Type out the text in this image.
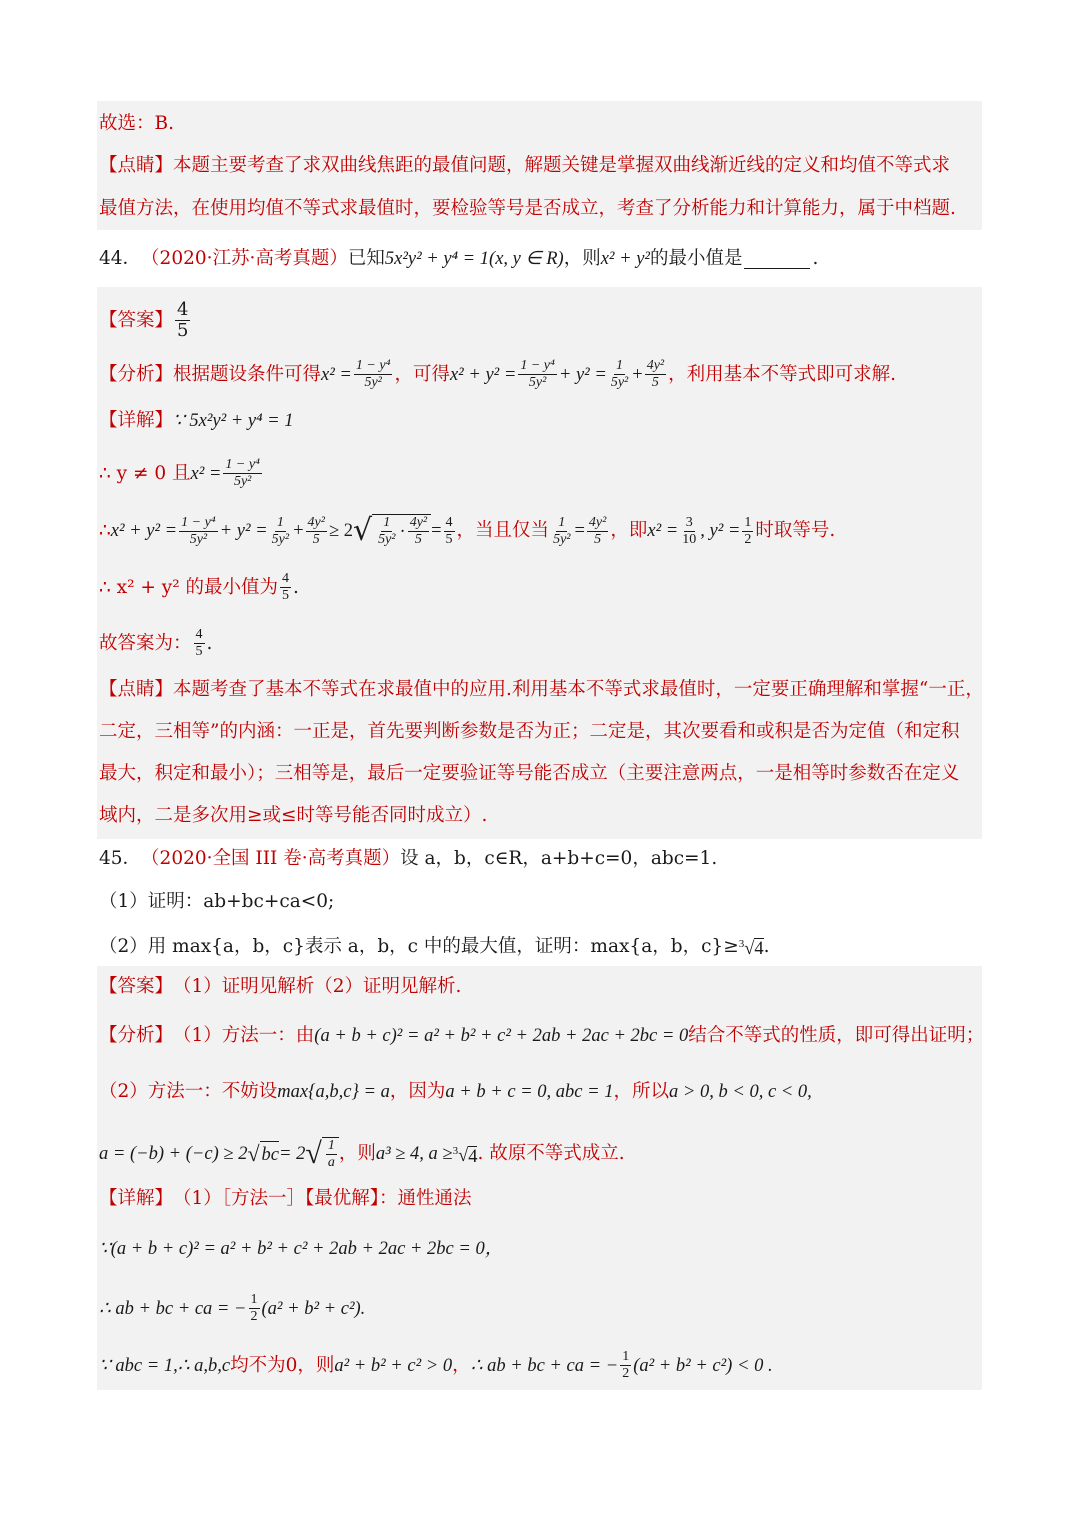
故选：B.
【点睛】 本题主要考查了求双曲线焦距的最值问题，解题关键是掌握双曲线渐近线的定义和均值不等式求
最值方法，在使用均值不等式求最值时，要检验等号是否成立，考查了分析能力和计算能力，属于中档题.
44． （2020·江苏·高考真题） 已知 5x²y² + y⁴ = 1(x, y ∈ R) ，则 x² + y² 的最小值是	.
【答案】 $\frac{4}{5}$
【分析】 根据题设条件可得 $x^2 = \frac{\text{1 − y⁴}}{\text{5y²}}$ ，可得 $x^2 + y^2 = \frac{\text{1 − y⁴}}{\text{5y²}} + y^2 = \frac{1}{\text{5y²}} + \frac{\text{4y²}}{5}$ ，利用基本不等式即可求解.
【详解】 ∵ 5x²y² + y⁴ = 1
∴ y ≠ 0 且 $x^2 = \frac{\text{1 − y⁴}}{\text{5y²}}$
∴ $x^2 + y^2 = \frac{\text{1 − y⁴}}{\text{5y²}} + y^2 = \frac{1}{\text{5y²}} + \frac{\text{4y²}}{5} \ge 2$ √ $\frac{1}{\text{5y²}} \cdot \frac{\text{4y²}}{5} = \frac{4}{5}$ ，当且仅当 $\frac{1}{\text{5y²}} = \frac{\text{4y²}}{5}$ ，即 $x^2 = \frac{3}{10}$ , $y^2 = \frac{1}{2}$ 时取等号.
∴ x² + y² 的最小值为 $\frac{4}{5}$ .
故答案为： $\frac{4}{5}$ .
【点睛】 本题考查了基本不等式在求最值中的应用.利用基本不等式求最值时，一定要正确理解和掌握“一正，
二定，三相等”的内涵：一正是，首先要判断参数是否为正；二定是，其次要看和或积是否为定值（和定积
最大，积定和最小）；三相等是，最后一定要验证等号能否成立（主要注意两点，一是相等时参数否在定义
域内，二是多次用≥或≤时等号能否同时成立）.
45． （2020·全国 III 卷·高考真题） 设 a，b，c∈R，a+b+c=0，abc=1.
（1）证明：ab+bc+ca<0;
（2）用 max{a，b，c}表示 a，b，c 中的最大值，证明：max{a，b，c}≥ $^3$√4 .
【答案】 （1）证明见解析（2）证明见解析.
【分析】 （1）方法一：由 (a + b + c)² = a² + b² + c² + 2ab + 2ac + 2bc = 0 结合不等式的性质，即可得出证明；
（2）方法一：不妨设 max{a,b,c} = a ，因为 a + b + c = 0, abc = 1 ，所以 a > 0, b < 0, c < 0,
a = (−b) + (−c) ≥ 2 √ bc = 2 √ $\frac{1}{a}$ ，则 a³ ≥ 4, a ≥ $^3$√4 . 故原不等式成立.
【详解】 （1）［方法一］【最优解】：通性通法
∵(a + b + c)² = a² + b² + c² + 2ab + 2ac + 2bc = 0，
∴ ab + bc + ca = − $\frac{1}{2} (a^2 + b^2 + c^2)$.
∵ abc = 1,∴ a,b,c 均不为0，则 a² + b² + c² > 0 ， ∴ ab + bc + ca = − $\frac{1}{2} (a^2 + b^2 + c^2) < 0$ .
